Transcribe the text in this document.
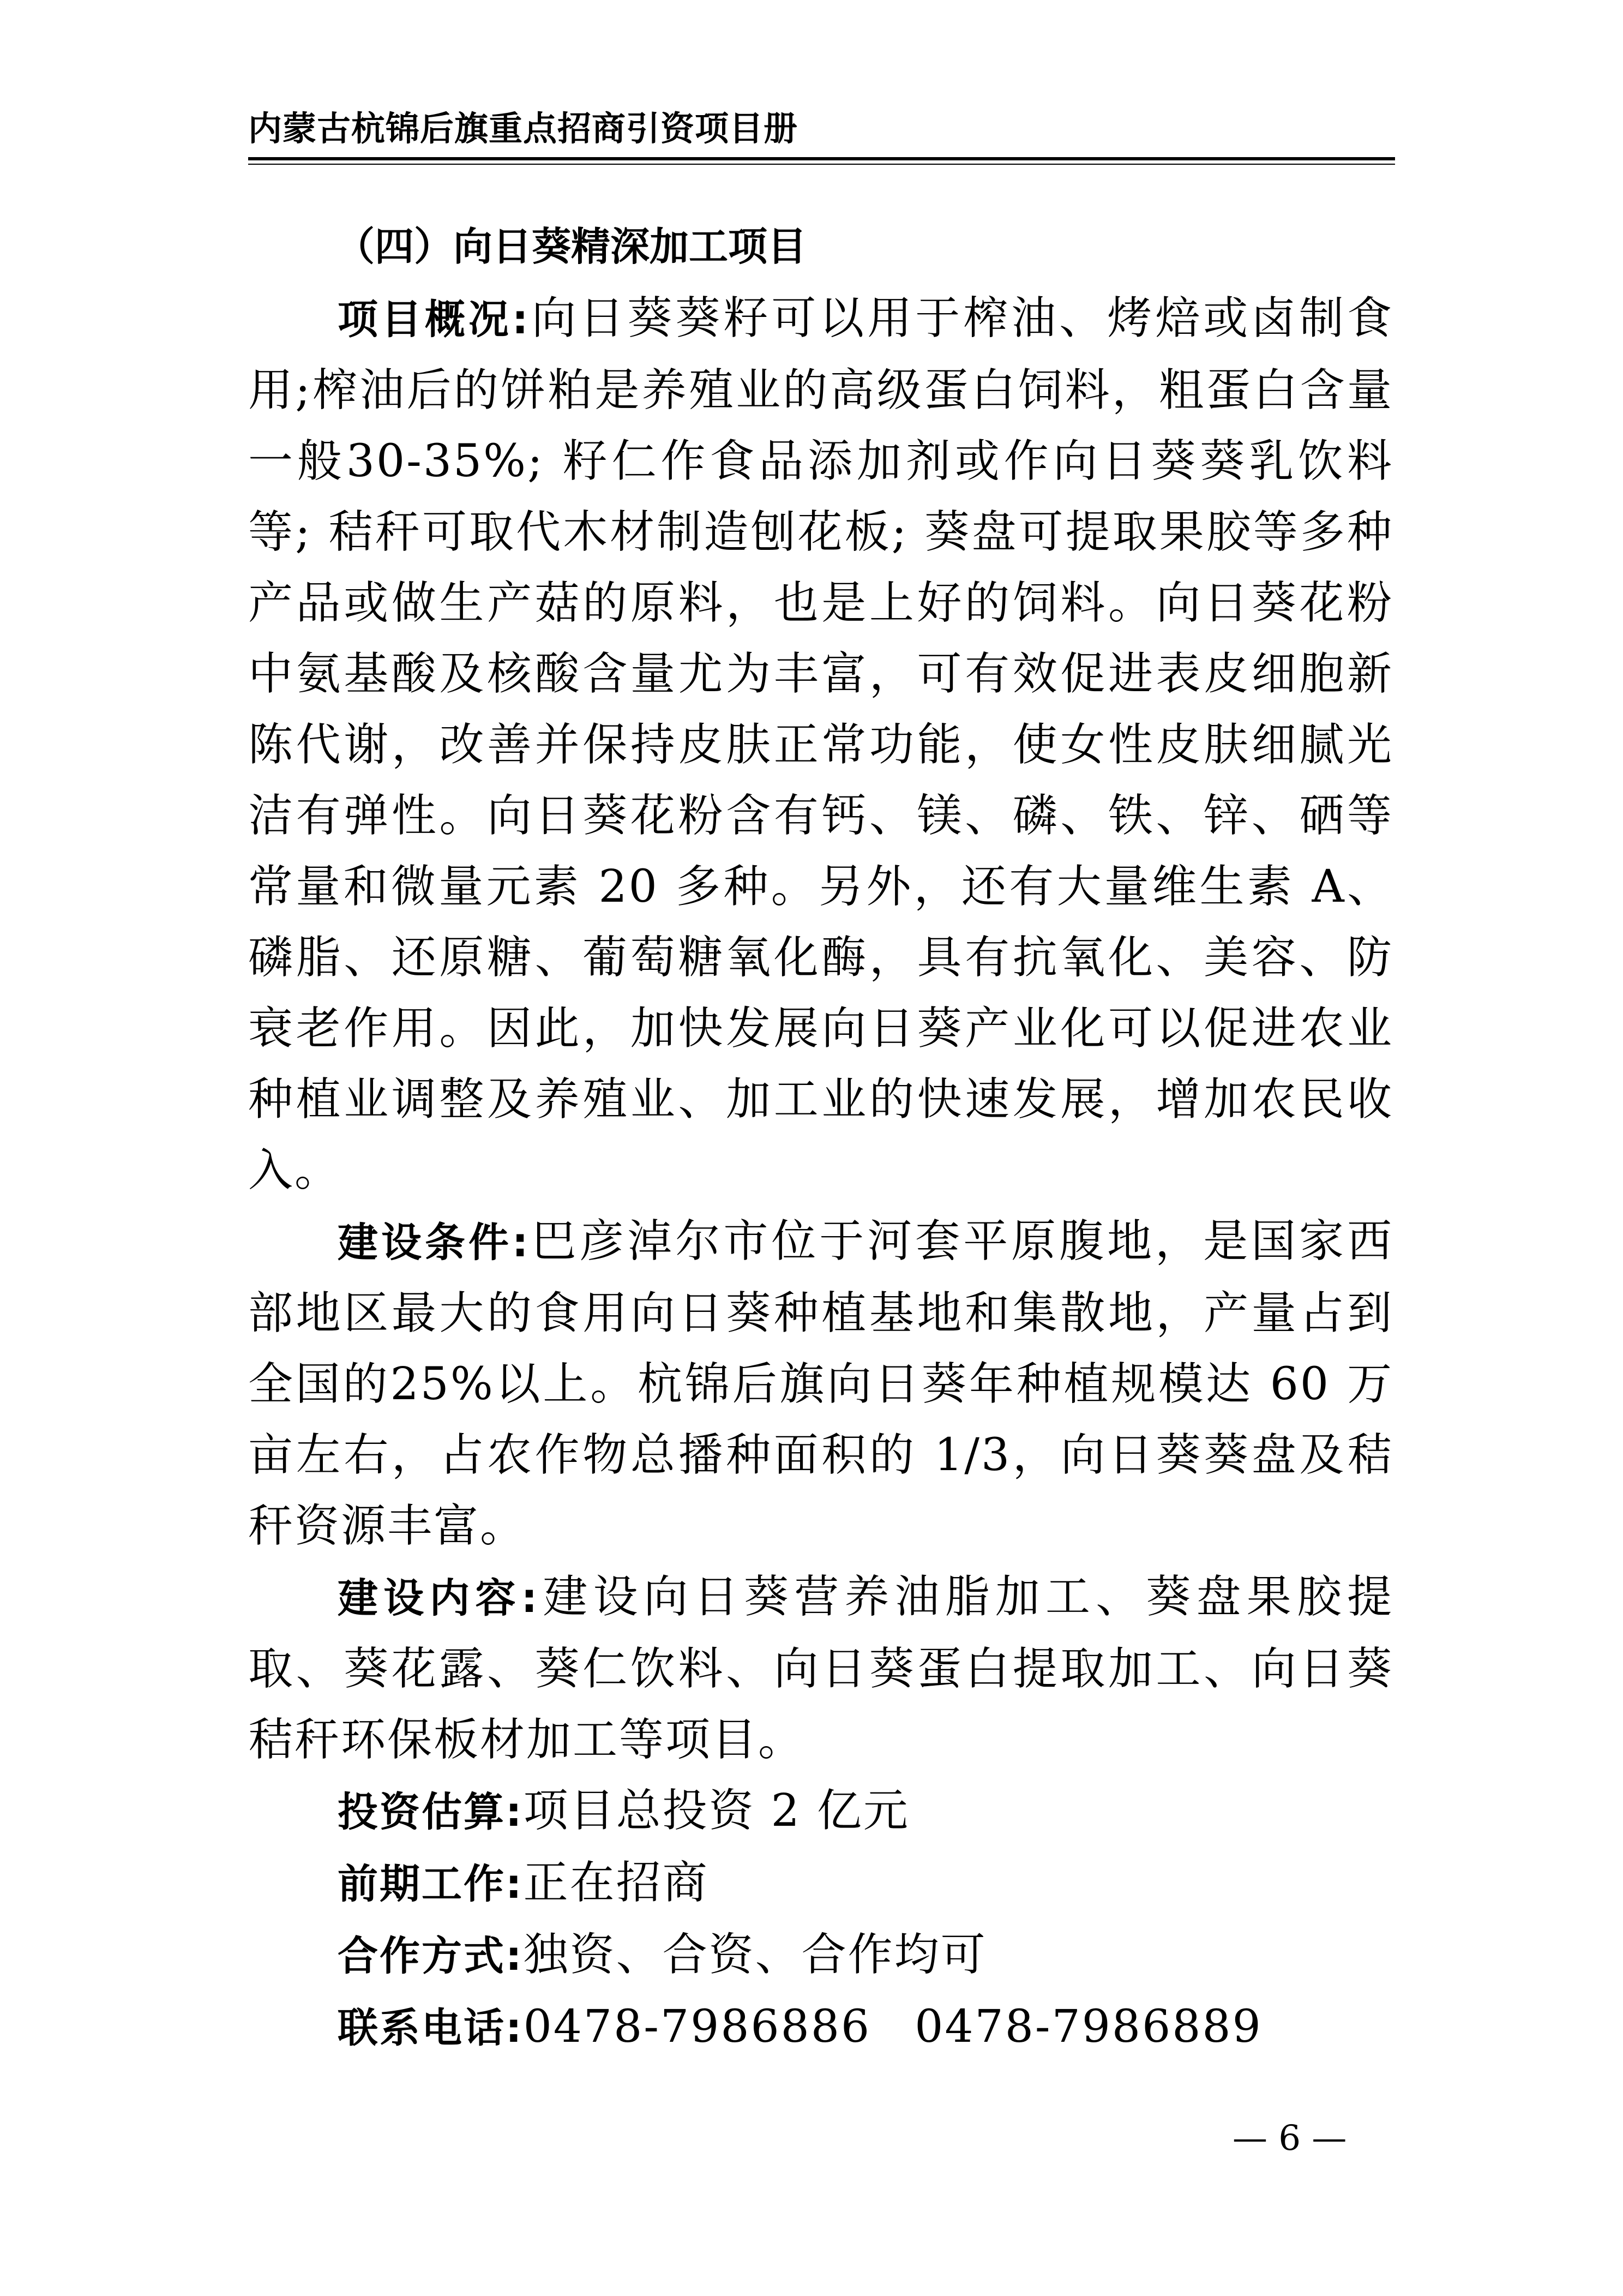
内蒙古杭锦后旗重点招商引资项目册

（四）向日葵精深加工项目

项目概况:向日葵葵籽可以用于榨油、烤焙或卤制食用;榨油后的饼粕是养殖业的高级蛋白饲料，粗蛋白含量一般30-35%; 籽仁作食品添加剂或作向日葵葵乳饮料等; 秸秆可取代木材制造刨花板; 葵盘可提取果胶等多种产品或做生产菇的原料，也是上好的饲料。向日葵花粉中氨基酸及核酸含量尤为丰富，可有效促进表皮细胞新陈代谢，改善并保持皮肤正常功能，使女性皮肤细腻光洁有弹性。向日葵花粉含有钙、镁、磷、铁、锌、硒等常量和微量元素 20 多种。另外，还有大量维生素 A、磷脂、还原糖、葡萄糖氧化酶，具有抗氧化、美容、防衰老作用。因此，加快发展向日葵产业化可以促进农业种植业调整及养殖业、加工业的快速发展，增加农民收入。

建设条件:巴彦淖尔市位于河套平原腹地，是国家西部地区最大的食用向日葵种植基地和集散地，产量占到全国的25%以上。杭锦后旗向日葵年种植规模达 60 万亩左右，占农作物总播种面积的 1/3，向日葵葵盘及秸秆资源丰富。

建设内容:建设向日葵营养油脂加工、葵盘果胶提取、葵花露、葵仁饮料、向日葵蛋白提取加工、向日葵秸秆环保板材加工等项目。

投资估算:项目总投资 2 亿元

前期工作:正在招商

合作方式:独资、合资、合作均可

联系电话:0478-7986886 0478-7986889

— 6 —
